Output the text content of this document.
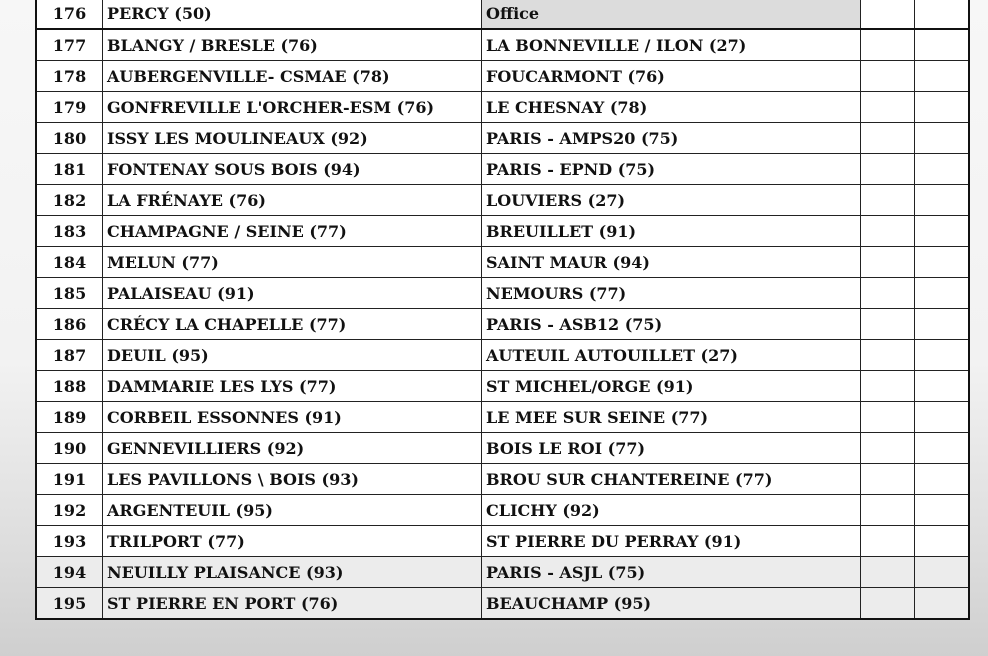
176	PERCY (50)	Office		
177	BLANGY / BRESLE (76)	LA BONNEVILLE / ILON (27)		
178	AUBERGENVILLE- CSMAE (78)	FOUCARMONT (76)		
179	GONFREVILLE L'ORCHER-ESM (76)	LE CHESNAY (78)		
180	ISSY LES MOULINEAUX (92)	PARIS - AMPS20 (75)		
181	FONTENAY SOUS BOIS (94)	PARIS - EPND (75)		
182	LA FRÉNAYE (76)	LOUVIERS (27)		
183	CHAMPAGNE / SEINE (77)	BREUILLET (91)		
184	MELUN (77)	SAINT MAUR (94)		
185	PALAISEAU (91)	NEMOURS (77)		
186	CRÉCY LA CHAPELLE (77)	PARIS - ASB12 (75)		
187	DEUIL (95)	AUTEUIL AUTOUILLET (27)		
188	DAMMARIE LES LYS (77)	ST MICHEL/ORGE (91)		
189	CORBEIL ESSONNES (91)	LE MEE SUR SEINE (77)		
190	GENNEVILLIERS (92)	BOIS LE ROI (77)		
191	LES PAVILLONS \ BOIS (93)	BROU SUR CHANTEREINE (77)		
192	ARGENTEUIL (95)	CLICHY (92)		
193	TRILPORT (77)	ST PIERRE DU PERRAY (91)		
194	NEUILLY PLAISANCE (93)	PARIS - ASJL (75)		
195	ST PIERRE EN PORT (76)	BEAUCHAMP (95)		
